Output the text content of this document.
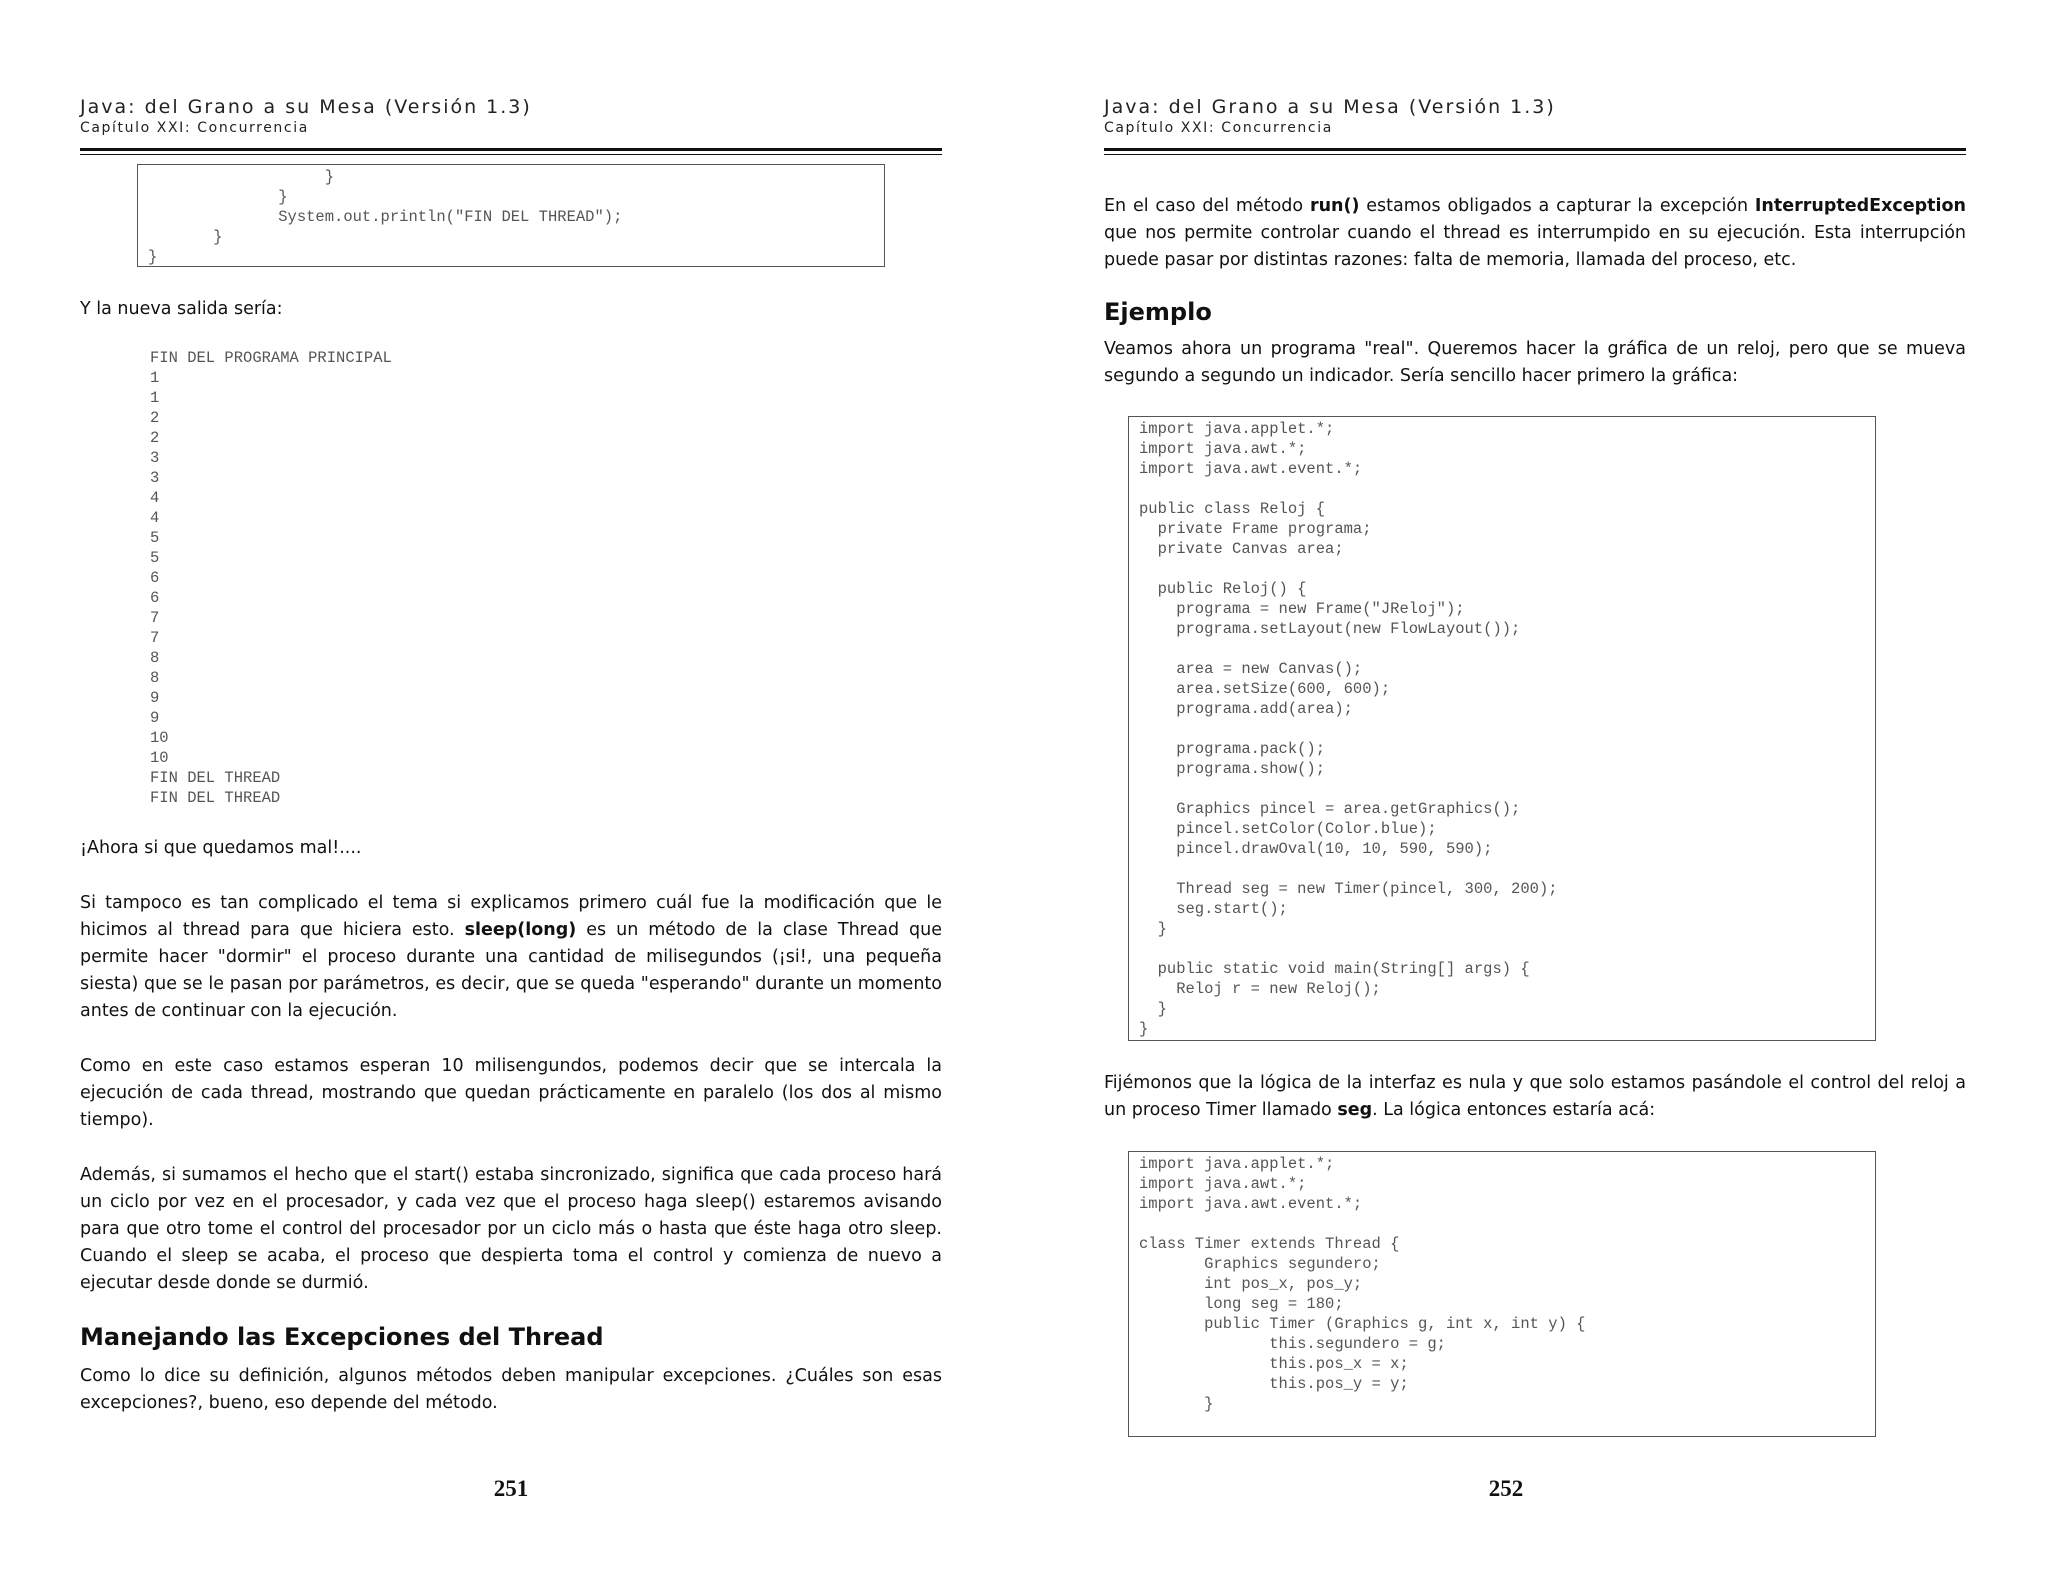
Java: del Grano a su Mesa (Versión 1.3)
Capítulo XXI: Concurrencia
}
}
System.out.println("FIN DEL THREAD");
}
}

Y la nueva salida sería:

FIN DEL PROGRAMA PRINCIPAL
1
1
2
2
3
3
4
4
5
5
6
6
7
7
8
8
9
9
10
10
FIN DEL THREAD
FIN DEL THREAD

¡Ahora si que quedamos mal!....

Si tampoco es tan complicado el tema si explicamos primero cuál fue la modificación que le hicimos al thread para que hiciera esto. sleep(long) es un método de la clase Thread que permite hacer "dormir" el proceso durante una cantidad de milisegundos (¡si!, una pequeña siesta) que se le pasan por parámetros, es decir, que se queda "esperando" durante un momento antes de continuar con la ejecución.

Como en este caso estamos esperan 10 milisengundos, podemos decir que se intercala la ejecución de cada thread, mostrando que quedan prácticamente en paralelo (los dos al mismo tiempo).

Además, si sumamos el hecho que el start() estaba sincronizado, significa que cada proceso hará un ciclo por vez en el procesador, y cada vez que el proceso haga sleep() estaremos avisando para que otro tome el control del procesador por un ciclo más o hasta que éste haga otro sleep. Cuando el sleep se acaba, el proceso que despierta toma el control y comienza de nuevo a ejecutar desde donde se durmió.

Manejando las Excepciones del Thread

Como lo dice su definición, algunos métodos deben manipular excepciones. ¿Cuáles son esas excepciones?, bueno, eso depende del método.

251
Java: del Grano a su Mesa (Versión 1.3)
Capítulo XXI: Concurrencia

En el caso del método run() estamos obligados a capturar la excepción InterruptedException que nos permite controlar cuando el thread es interrumpido en su ejecución. Esta interrupción puede pasar por distintas razones: falta de memoria, llamada del proceso, etc.

Ejemplo

Veamos ahora un programa "real". Queremos hacer la gráfica de un reloj, pero que se mueva segundo a segundo un indicador. Sería sencillo hacer primero la gráfica:

import java.applet.*;
import java.awt.*;
import java.awt.event.*;

public class Reloj {
private Frame programa;
private Canvas area;

public Reloj() {
programa = new Frame("JReloj");
programa.setLayout(new FlowLayout());

area = new Canvas();
area.setSize(600, 600);
programa.add(area);

programa.pack();
programa.show();

Graphics pincel = area.getGraphics();
pincel.setColor(Color.blue);
pincel.drawOval(10, 10, 590, 590);

Thread seg = new Timer(pincel, 300, 200);
seg.start();
}

public static void main(String[] args) {
Reloj r = new Reloj();
}
}

Fijémonos que la lógica de la interfaz es nula y que solo estamos pasándole el control del reloj a un proceso Timer llamado seg. La lógica entonces estaría acá:

import java.applet.*;
import java.awt.*;
import java.awt.event.*;

class Timer extends Thread {
Graphics segundero;
int pos_x, pos_y;
long seg = 180;
public Timer (Graphics g, int x, int y) {
this.segundero = g;
this.pos_x = x;
this.pos_y = y;
}
252
